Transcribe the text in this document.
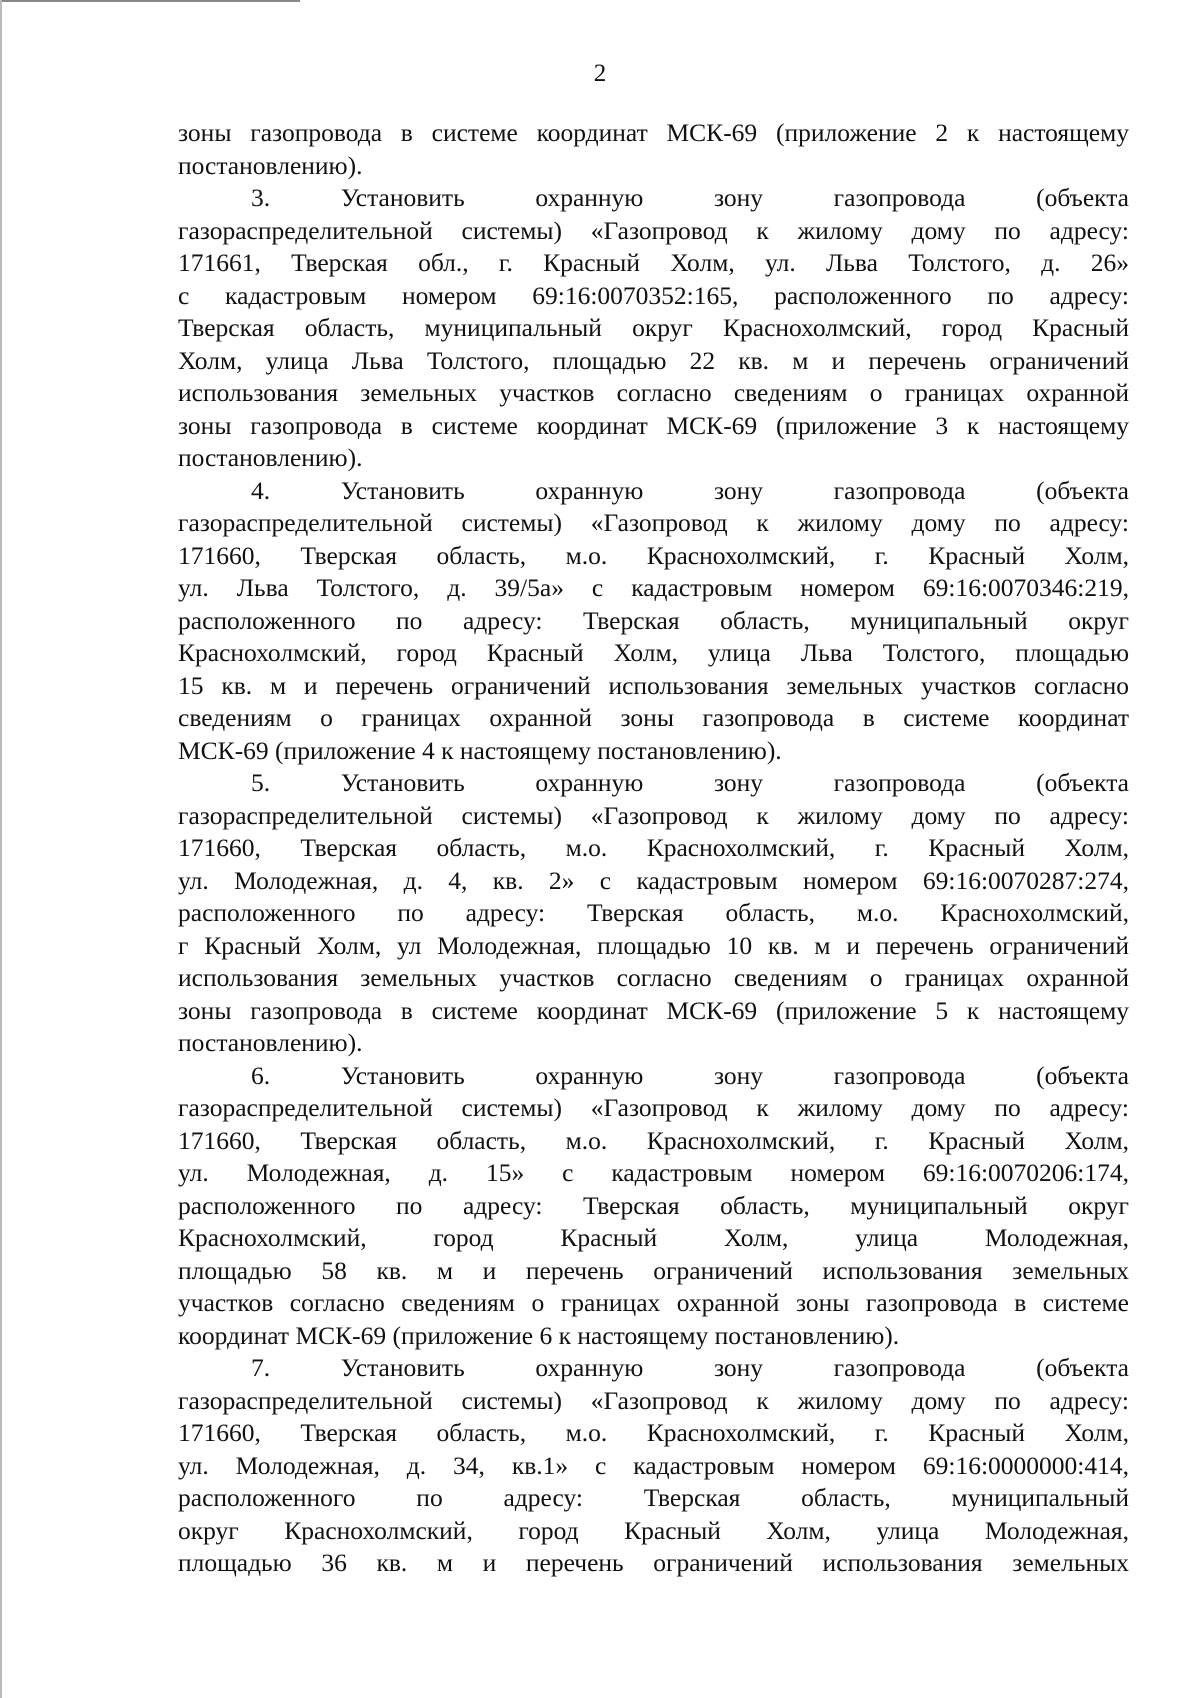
2
зоны газопровода в системе координат МСК-69 (приложение 2 к настоящему
постановлению).
3. Установить охранную зону газопровода (объекта
газораспределительной системы) «Газопровод к жилому дому по адресу:
171661, Тверская обл., г. Красный Холм, ул. Льва Толстого, д. 26»
с кадастровым номером 69:16:0070352:165, расположенного по адресу:
Тверская область, муниципальный округ Краснохолмский, город Красный
Холм, улица Льва Толстого, площадью 22 кв. м и перечень ограничений
использования земельных участков согласно сведениям о границах охранной
зоны газопровода в системе координат МСК-69 (приложение 3 к настоящему
постановлению).
4. Установить охранную зону газопровода (объекта
газораспределительной системы) «Газопровод к жилому дому по адресу:
171660, Тверская область, м.о. Краснохолмский, г. Красный Холм,
ул. Льва Толстого, д. 39/5а» с кадастровым номером 69:16:0070346:219,
расположенного по адресу: Тверская область, муниципальный округ
Краснохолмский, город Красный Холм, улица Льва Толстого, площадью
15 кв. м и перечень ограничений использования земельных участков согласно
сведениям о границах охранной зоны газопровода в системе координат
МСК-69 (приложение 4 к настоящему постановлению).
5. Установить охранную зону газопровода (объекта
газораспределительной системы) «Газопровод к жилому дому по адресу:
171660, Тверская область, м.о. Краснохолмский, г. Красный Холм,
ул. Молодежная, д. 4, кв. 2» с кадастровым номером 69:16:0070287:274,
расположенного по адресу: Тверская область, м.о. Краснохолмский,
г Красный Холм, ул Молодежная, площадью 10 кв. м и перечень ограничений
использования земельных участков согласно сведениям о границах охранной
зоны газопровода в системе координат МСК-69 (приложение 5 к настоящему
постановлению).
6. Установить охранную зону газопровода (объекта
газораспределительной системы) «Газопровод к жилому дому по адресу:
171660, Тверская область, м.о. Краснохолмский, г. Красный Холм,
ул. Молодежная, д. 15» с кадастровым номером 69:16:0070206:174,
расположенного по адресу: Тверская область, муниципальный округ
Краснохолмский, город Красный Холм, улица Молодежная,
площадью 58 кв. м и перечень ограничений использования земельных
участков согласно сведениям о границах охранной зоны газопровода в системе
координат МСК-69 (приложение 6 к настоящему постановлению).
7. Установить охранную зону газопровода (объекта
газораспределительной системы) «Газопровод к жилому дому по адресу:
171660, Тверская область, м.о. Краснохолмский, г. Красный Холм,
ул. Молодежная, д. 34, кв.1» с кадастровым номером 69:16:0000000:414,
расположенного по адресу: Тверская область, муниципальный
округ Краснохолмский, город Красный Холм, улица Молодежная,
площадью 36 кв. м и перечень ограничений использования земельных
